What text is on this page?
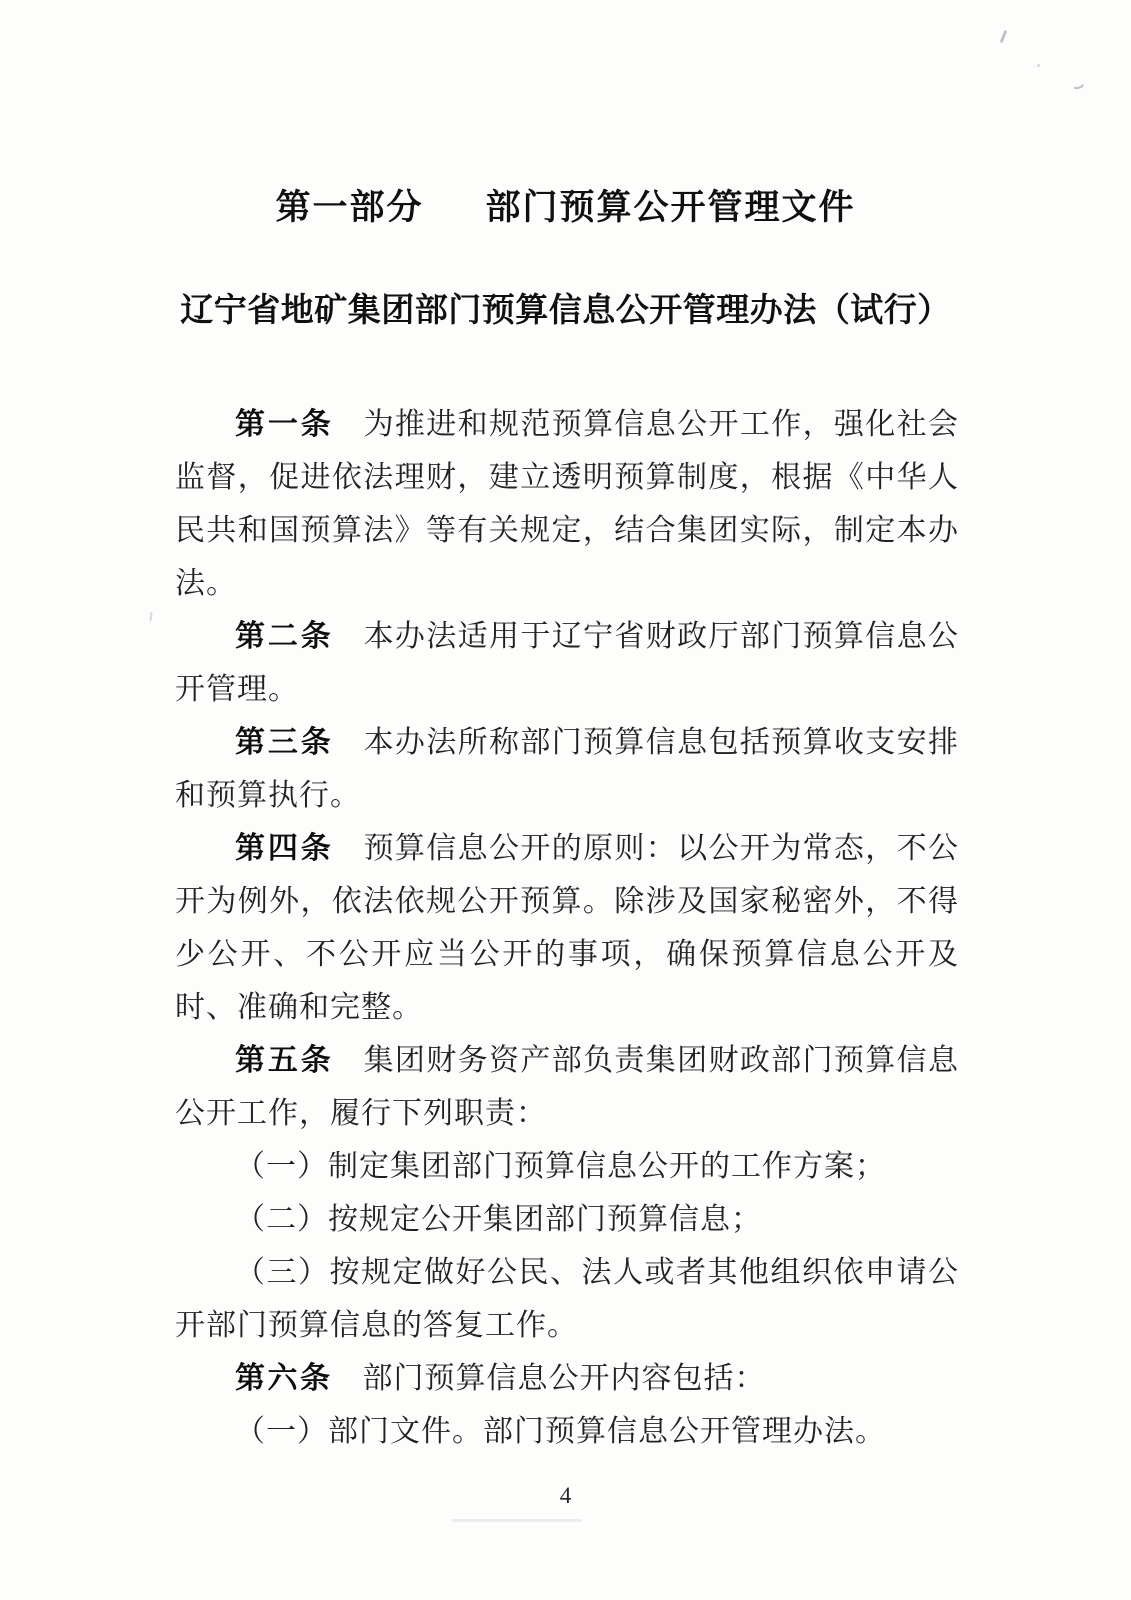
第一部分 部门预算公开管理文件
辽宁省地矿集团部门预算信息公开管理办法（试行）

第一条 为推进和规范预算信息公开工作，强化社会监督，促进依法理财，建立透明预算制度，根据《中华人民共和国预算法》等有关规定，结合集团实际，制定本办法。

第二条 本办法适用于辽宁省财政厅部门预算信息公开管理。

第三条 本办法所称部门预算信息包括预算收支安排和预算执行。

第四条 预算信息公开的原则：以公开为常态，不公开为例外，依法依规公开预算。除涉及国家秘密外，不得少公开、不公开应当公开的事项，确保预算信息公开及时、准确和完整。

第五条 集团财务资产部负责集团财政部门预算信息公开工作，履行下列职责：

（一）制定集团部门预算信息公开的工作方案；

（二）按规定公开集团部门预算信息；

（三）按规定做好公民、法人或者其他组织依申请公开部门预算信息的答复工作。

第六条 部门预算信息公开内容包括：

（一）部门文件。部门预算信息公开管理办法。

4
